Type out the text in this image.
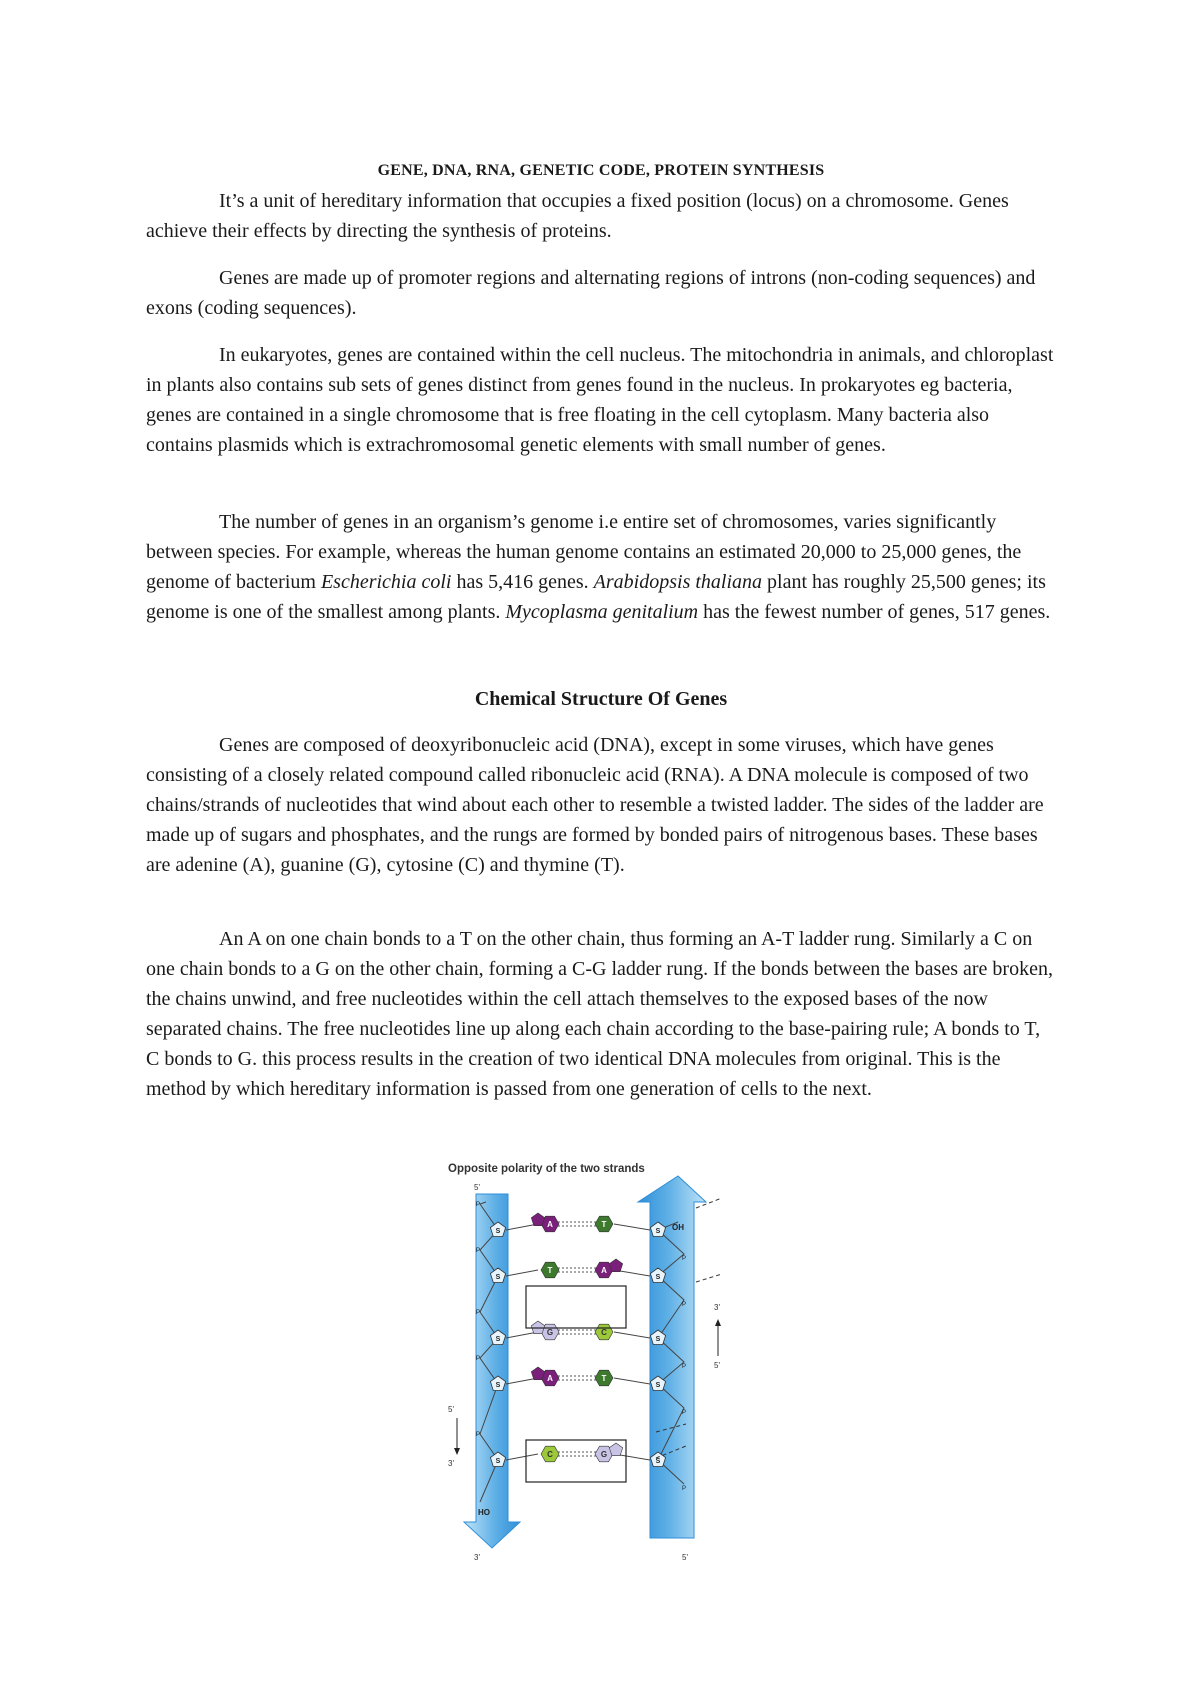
GENE, DNA, RNA, GENETIC CODE, PROTEIN SYNTHESIS

It’s a unit of hereditary information that occupies a fixed position (locus) on a chromosome. Genes achieve their effects by directing the synthesis of proteins.

Genes are made up of promoter regions and alternating regions of introns (non-coding sequences) and exons (coding sequences).

In eukaryotes, genes are contained within the cell nucleus. The mitochondria in animals, and chloroplast in plants also contains sub sets of genes distinct from genes found in the nucleus. In prokaryotes eg bacteria, genes are contained in a single chromosome that is free floating in the cell cytoplasm. Many bacteria also contains plasmids which is extrachromosomal genetic elements with small number of genes.

The number of genes in an organism’s genome i.e entire set of chromosomes, varies significantly between species. For example, whereas the human genome contains an estimated 20,000 to 25,000 genes, the genome of bacterium Escherichia coli has 5,416 genes. Arabidopsis thaliana plant has roughly 25,500 genes; its genome is one of the smallest among plants. Mycoplasma genitalium has the fewest number of genes, 517 genes.

Chemical Structure Of Genes

Genes are composed of deoxyribonucleic acid (DNA), except in some viruses, which have genes consisting of a closely related compound called ribonucleic acid (RNA). A DNA molecule is composed of two chains/strands of nucleotides that wind about each other to resemble a twisted ladder. The sides of the ladder are made up of sugars and phosphates, and the rungs are formed by bonded pairs of nitrogenous bases. These bases are adenine (A), guanine (G), cytosine (C) and thymine (T).

An A on one chain bonds to a T on the other chain, thus forming an A-T ladder rung. Similarly a C on one chain bonds to a G on the other chain, forming a C-G ladder rung. If the bonds between the bases are broken, the chains unwind, and free nucleotides within the cell attach themselves to the exposed bases of the now separated chains. The free nucleotides line up along each chain according to the base-pairing rule; A bonds to T, C bonds to G. this process results in the creation of two identical DNA molecules from original. This is the method by which hereditary information is passed from one generation of cells to the next.

Opposite polarity of the two strands
5'
3'	5'
HO
OH
S
P
S
P
S
P
S
P
S
P
S
P
S
P
S
P
S
P
S
P
A	T
T	A
G	C
A	T
C	G
5'
3'
3'
5'
